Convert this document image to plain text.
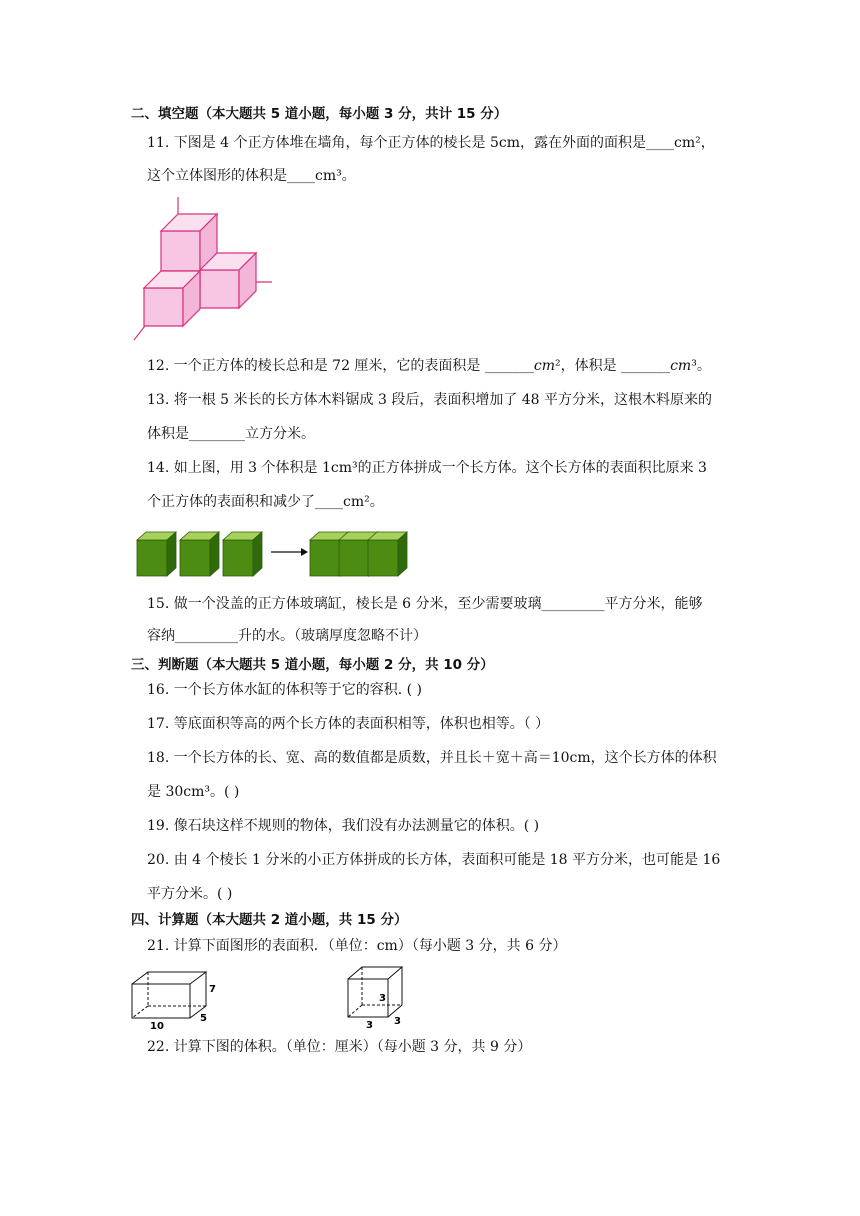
二、填空题（本大题共 5 道小题，每小题 3 分，共计 15 分）
11. 下图是 4 个正方体堆在墙角，每个正方体的棱长是 5cm，露在外面的面积是____cm²，
这个立体图形的体积是____cm³。
12. 一个正方体的棱长总和是 72 厘米，它的表面积是 _______cm²，体积是 _______cm³。
13. 将一根 5 米长的长方体木料锯成 3 段后，表面积增加了 48 平方分米，这根木料原来的
体积是________立方分米。
14. 如上图，用 3 个体积是 1cm³的正方体拼成一个长方体。这个长方体的表面积比原来 3
个正方体的表面积和减少了____cm²。
15. 做一个没盖的正方体玻璃缸，棱长是 6 分米，至少需要玻璃_________平方分米，能够
容纳_________升的水。（玻璃厚度忽略不计）
三、判断题（本大题共 5 道小题，每小题 2 分，共 10 分）
16. 一个长方体水缸的体积等于它的容积. ( )
17. 等底面积等高的两个长方体的表面积相等，体积也相等。（ ）
18. 一个长方体的长、宽、高的数值都是质数，并且长＋宽＋高＝10cm，这个长方体的体积
是 30cm³。( )
19. 像石块这样不规则的物体，我们没有办法测量它的体积。( )
20. 由 4 个棱长 1 分米的小正方体拼成的长方体，表面积可能是 18 平方分米，也可能是 16
平方分米。( )
四、计算题（本大题共 2 道小题，共 15 分）
21. 计算下面图形的表面积．（单位：cm）（每小题 3 分，共 6 分）
10
5
7
3
3 3
22. 计算下图的体积。（单位：厘米）（每小题 3 分，共 9 分）
